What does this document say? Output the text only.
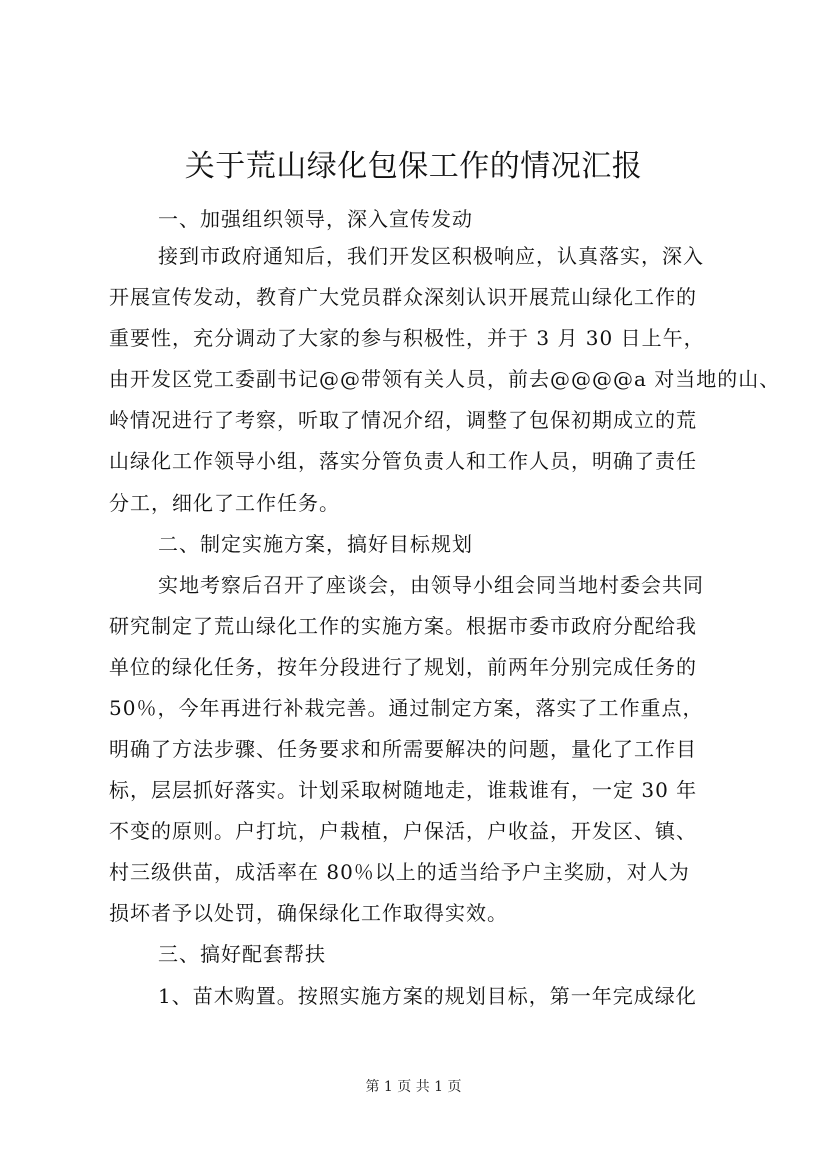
关于荒山绿化包保工作的情况汇报
一、加强组织领导，深入宣传发动
接到市政府通知后，我们开发区积极响应，认真落实，深入
开展宣传发动，教育广大党员群众深刻认识开展荒山绿化工作的
重要性，充分调动了大家的参与积极性，并于 3 月 30 日上午，
由开发区党工委副书记@@带领有关人员，前去@@@@a 对当地的山、
岭情况进行了考察，听取了情况介绍，调整了包保初期成立的荒
山绿化工作领导小组，落实分管负责人和工作人员，明确了责任
分工，细化了工作任务。
二、制定实施方案，搞好目标规划
实地考察后召开了座谈会，由领导小组会同当地村委会共同
研究制定了荒山绿化工作的实施方案。根据市委市政府分配给我
单位的绿化任务，按年分段进行了规划，前两年分别完成任务的
50％，今年再进行补栽完善。通过制定方案，落实了工作重点，
明确了方法步骤、任务要求和所需要解决的问题，量化了工作目
标，层层抓好落实。计划采取树随地走，谁栽谁有，一定 30 年
不变的原则。户打坑，户栽植，户保活，户收益，开发区、镇、
村三级供苗，成活率在 80％以上的适当给予户主奖励，对人为
损坏者予以处罚，确保绿化工作取得实效。
三、搞好配套帮扶
1、苗木购置。按照实施方案的规划目标，第一年完成绿化
第 1 页 共 1 页
